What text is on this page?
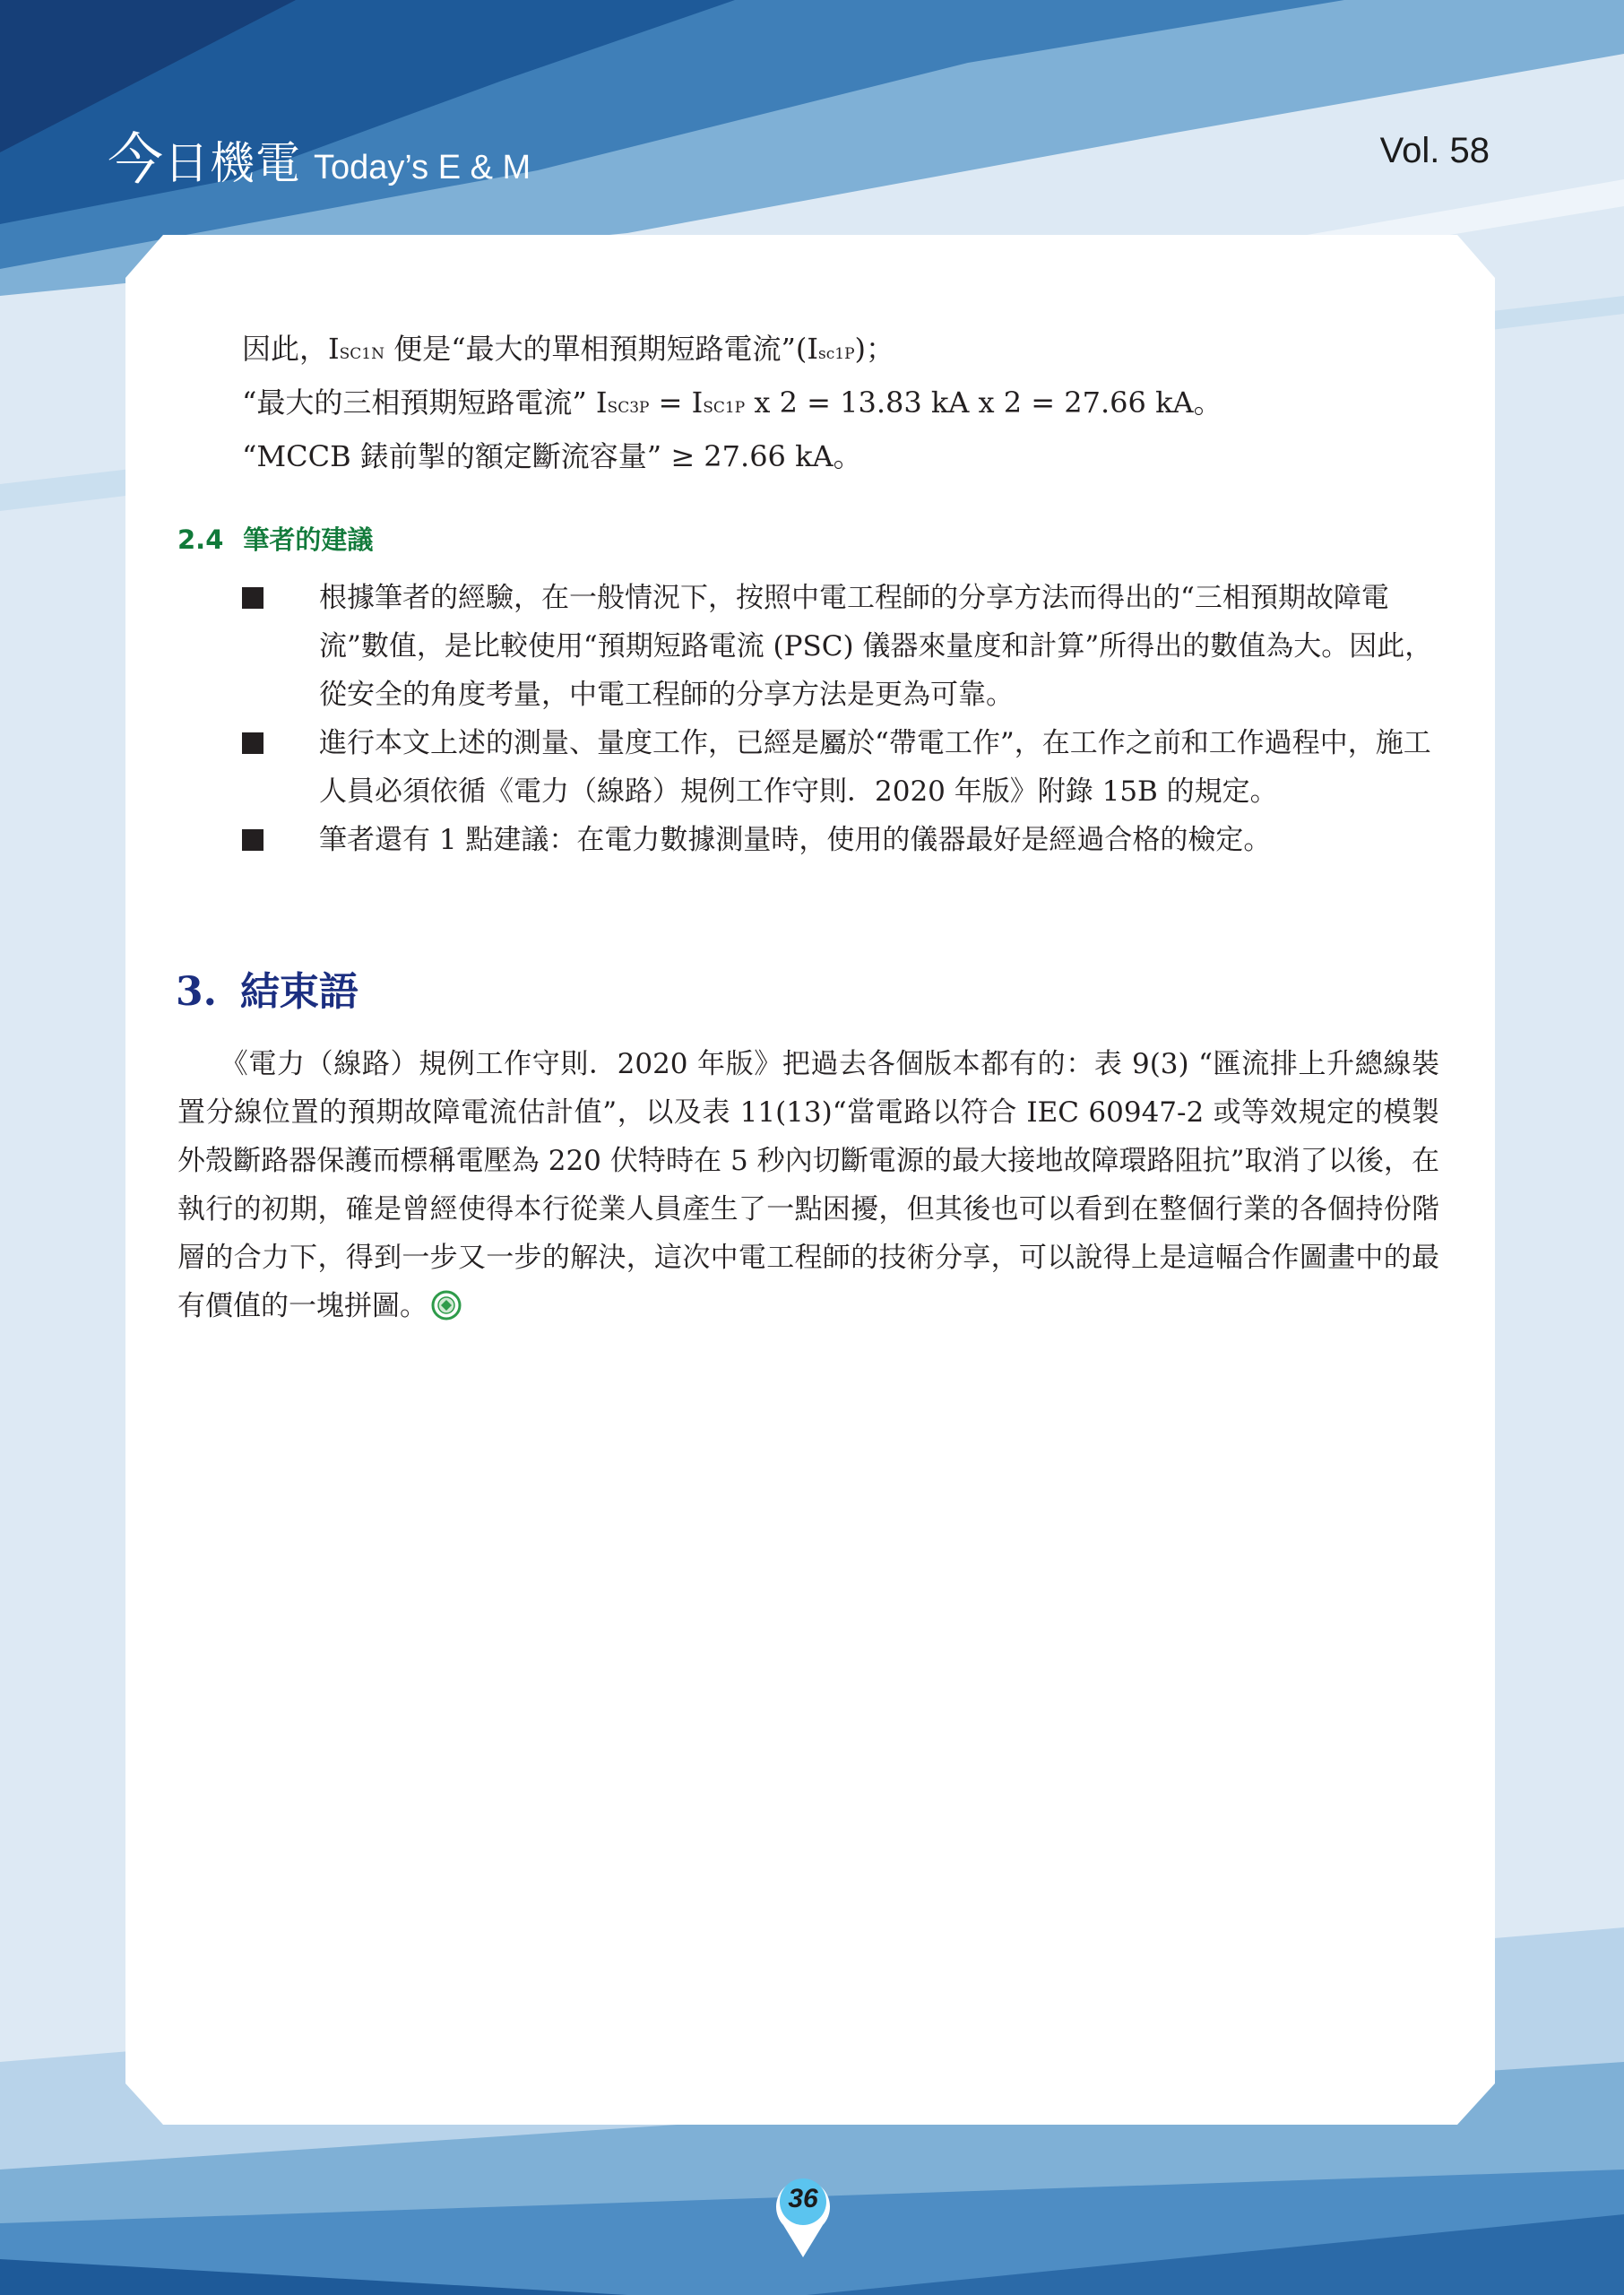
今日機電 Today’s E & M	Vol. 58
因此，ISC1N 便是“最大的單相預期短路電流”(Isc1P)；
“最大的三相預期短路電流” ISC3P = ISC1P x 2 = 13.83 kA x 2 = 27.66 kA。
“MCCB 錶前掣的額定斷流容量” ≥ 27.66 kA。
2.4 筆者的建議
根據筆者的經驗，在一般情況下，按照中電工程師的分享方法而得出的“三相預期故障電流”數值，是比較使用“預期短路電流 (PSC) 儀器來量度和計算”所得出的數值為大。因此，從安全的角度考量，中電工程師的分享方法是更為可靠。
進行本文上述的測量、量度工作，已經是屬於“帶電工作”，在工作之前和工作過程中，施工人員必須依循《電力（線路）規例工作守則．2020 年版》附錄 15B 的規定。
筆者還有 1 點建議：在電力數據測量時，使用的儀器最好是經過合格的檢定。
3. 結束語
　　《電力（線路）規例工作守則．2020 年版》把過去各個版本都有的：表 9(3) “匯流排上升總線裝置分線位置的預期故障電流估計值”，以及表 11(13)“當電路以符合 IEC 60947-2 或等效規定的模製外殼斷路器保護而標稱電壓為 220 伏特時在 5 秒內切斷電源的最大接地故障環路阻抗”取消了以後，在執行的初期，確是曾經使得本行從業人員產生了一點困擾，但其後也可以看到在整個行業的各個持份階層的合力下，得到一步又一步的解決，這次中電工程師的技術分享，可以說得上是這幅合作圖畫中的最有價值的一塊拼圖。
36
